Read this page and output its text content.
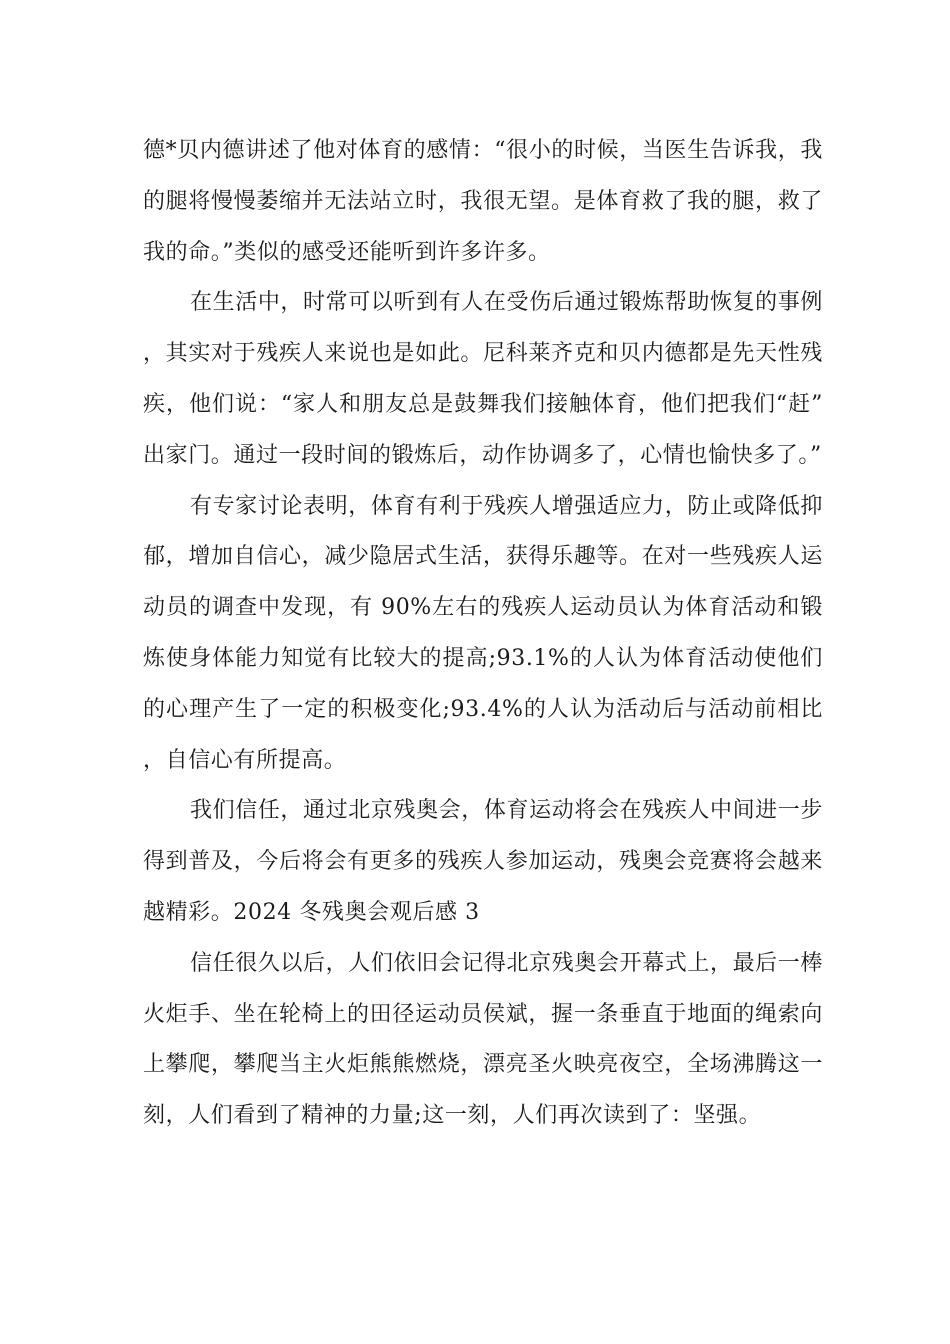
德*贝内德讲述了他对体育的感情：“很小的时候，当医生告诉我，我的腿将慢慢萎缩并无法站立时，我很无望。是体育救了我的腿，救了我的命。”类似的感受还能听到许多许多。

在生活中，时常可以听到有人在受伤后通过锻炼帮助恢复的事例，其实对于残疾人来说也是如此。尼科莱齐克和贝内德都是先天性残疾，他们说：“家人和朋友总是鼓舞我们接触体育，他们把我们“赶”出家门。通过一段时间的锻炼后，动作协调多了，心情也愉快多了。”

有专家讨论表明，体育有利于残疾人增强适应力，防止或降低抑郁，增加自信心，减少隐居式生活，获得乐趣等。在对一些残疾人运动员的调查中发现，有 90%左右的残疾人运动员认为体育活动和锻炼使身体能力知觉有比较大的提高;93.1%的人认为体育活动使他们的心理产生了一定的积极变化;93.4%的人认为活动后与活动前相比，自信心有所提高。

我们信任，通过北京残奥会，体育运动将会在残疾人中间进一步得到普及，今后将会有更多的残疾人参加运动，残奥会竞赛将会越来越精彩。2024 冬残奥会观后感 3

信任很久以后，人们依旧会记得北京残奥会开幕式上，最后一棒火炬手、坐在轮椅上的田径运动员侯斌，握一条垂直于地面的绳索向上攀爬，攀爬当主火炬熊熊燃烧，漂亮圣火映亮夜空，全场沸腾这一刻，人们看到了精神的力量;这一刻，人们再次读到了：坚强。
